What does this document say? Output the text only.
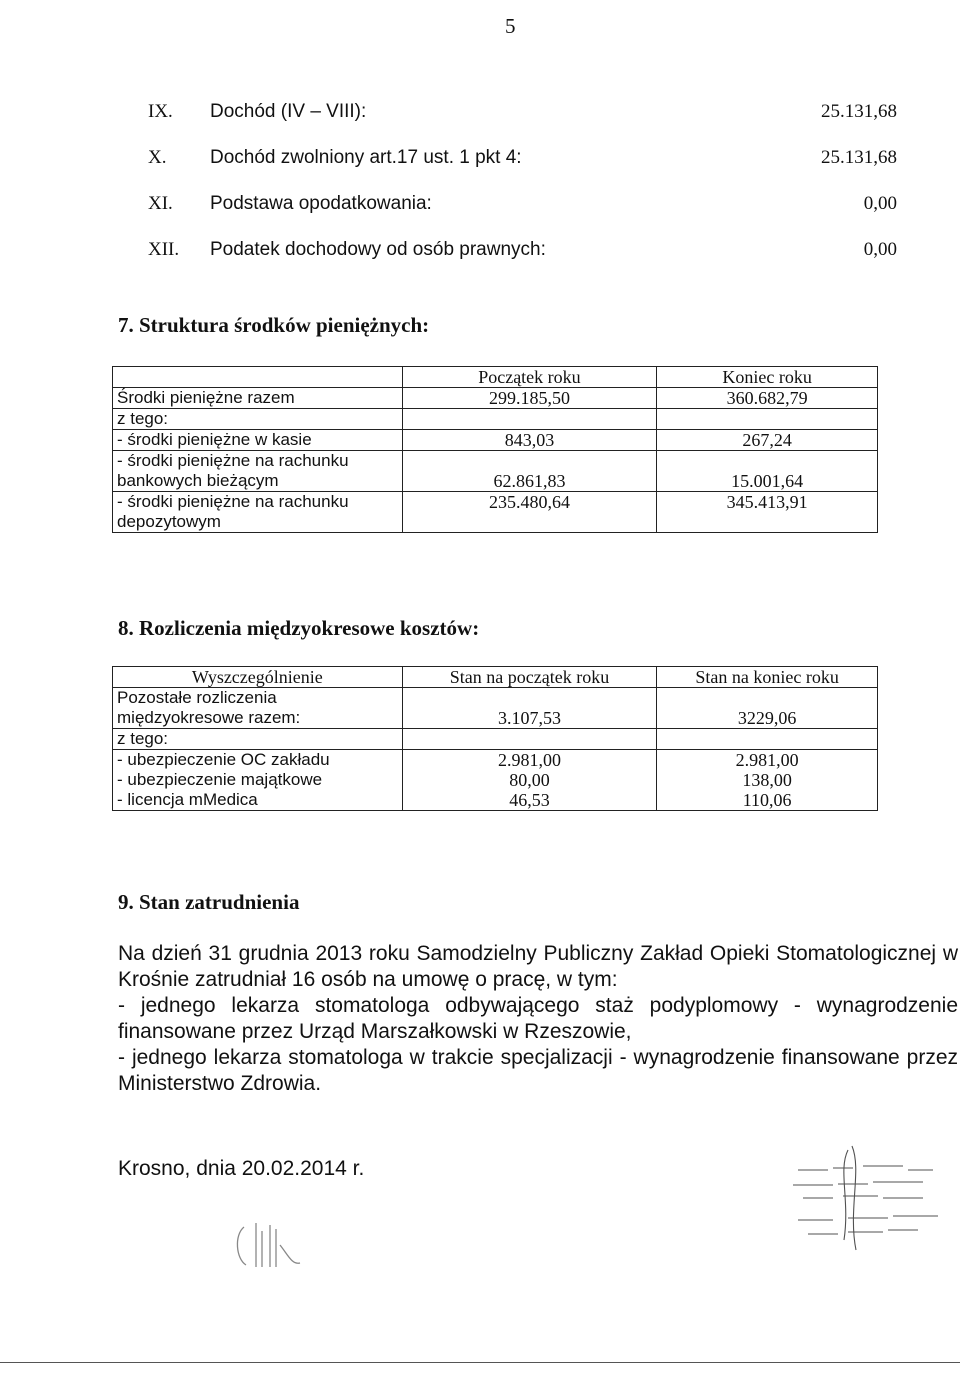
5
IX. Dochód (IV – VIII):	25.131,68
X. Dochód zwolniony art.17 ust. 1 pkt 4:	25.131,68
XI. Podstawa opodatkowania:	0,00
XII. Podatek dochodowy od osób prawnych:	0,00
7. Struktura środków pieniężnych:
	Początek roku	Koniec roku
Środki pieniężne razem	299.185,50	360.682,79
z tego:		
- środki pieniężne w kasie	843,03	267,24
- środki pieniężne na rachunku bankowych bieżącym	62.861,83	15.001,64
- środki pieniężne na rachunku depozytowym	235.480,64	345.413,91
8. Rozliczenia międzyokresowe kosztów:
Wyszczególnienie	Stan na początek roku	Stan na koniec roku
Pozostałe rozliczenia międzyokresowe razem:	3.107,53	3229,06
z tego:		
- ubezpieczenie OC zakładu	2.981,00	2.981,00
- ubezpieczenie majątkowe	80,00	138,00
- licencja mMedica	46,53	110,06
9. Stan zatrudnienia

Na dzień 31 grudnia 2013 roku Samodzielny Publiczny Zakład Opieki Stomatologicznej w Krośnie zatrudniał 16 osób na umowę o pracę, w tym:

- jednego lekarza stomatologa odbywającego staż podyplomowy - wynagrodzenie finansowane przez Urząd Marszałkowski w Rzeszowie,

- jednego lekarza stomatologa w trakcie specjalizacji - wynagrodzenie finansowane przez Ministerstwo Zdrowia.

Krosno, dnia 20.02.2014 r.
